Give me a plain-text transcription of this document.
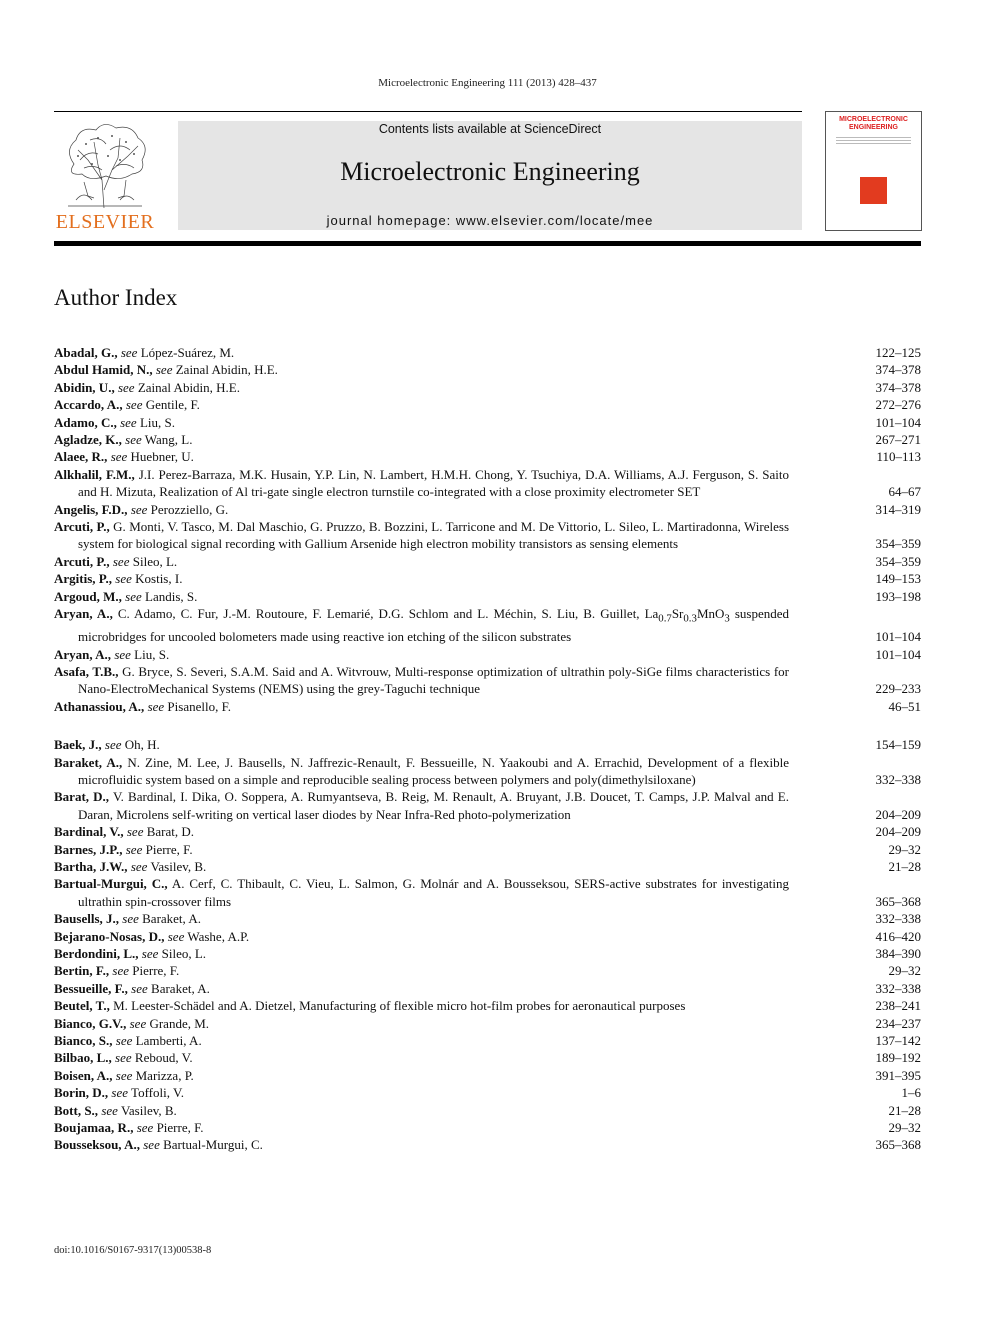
Microelectronic Engineering 111 (2013) 428–437
ELSEVIER
Contents lists available at ScienceDirect
Microelectronic Engineering
journal homepage: www.elsevier.com/locate/mee
MICROELECTRONIC ENGINEERING
Author Index
Abadal, G., see López-Suárez, M.	122–125
Abdul Hamid, N., see Zainal Abidin, H.E.	374–378
Abidin, U., see Zainal Abidin, H.E.	374–378
Accardo, A., see Gentile, F.	272–276
Adamo, C., see Liu, S.	101–104
Agladze, K., see Wang, L.	267–271
Alaee, R., see Huebner, U.	110–113
Alkhalil, F.M., J.I. Perez-Barraza, M.K. Husain, Y.P. Lin, N. Lambert, H.M.H. Chong, Y. Tsuchiya, D.A. Williams, A.J. Ferguson, S. Saito and H. Mizuta, Realization of Al tri-gate single electron turnstile co-integrated with a close proximity electrometer SET	64–67
Angelis, F.D., see Perozziello, G.	314–319
Arcuti, P., G. Monti, V. Tasco, M. Dal Maschio, G. Pruzzo, B. Bozzini, L. Tarricone and M. De Vittorio, L. Sileo, L. Martiradonna, Wireless system for biological signal recording with Gallium Arsenide high electron mobility transistors as sensing elements	354–359
Arcuti, P., see Sileo, L.	354–359
Argitis, P., see Kostis, I.	149–153
Argoud, M., see Landis, S.	193–198
Aryan, A., C. Adamo, C. Fur, J.-M. Routoure, F. Lemarié, D.G. Schlom and L. Méchin, S. Liu, B. Guillet, $La_{0.7}Sr_{0.3}MnO_3$ suspended microbridges for uncooled bolometers made using reactive ion etching of the silicon substrates	101–104
Aryan, A., see Liu, S.	101–104
Asafa, T.B., G. Bryce, S. Severi, S.A.M. Said and A. Witvrouw, Multi-response optimization of ultrathin poly-SiGe films characteristics for Nano-ElectroMechanical Systems (NEMS) using the grey-Taguchi technique	229–233
Athanassiou, A., see Pisanello, F.	46–51
Baek, J., see Oh, H.	154–159
Baraket, A., N. Zine, M. Lee, J. Bausells, N. Jaffrezic-Renault, F. Bessueille, N. Yaakoubi and A. Errachid, Development of a flexible microfluidic system based on a simple and reproducible sealing process between polymers and poly(dimethylsiloxane)	332–338
Barat, D., V. Bardinal, I. Dika, O. Soppera, A. Rumyantseva, B. Reig, M. Renault, A. Bruyant, J.B. Doucet, T. Camps, J.P. Malval and E. Daran, Microlens self-writing on vertical laser diodes by Near Infra-Red photo-polymerization	204–209
Bardinal, V., see Barat, D.	204–209
Barnes, J.P., see Pierre, F.	29–32
Bartha, J.W., see Vasilev, B.	21–28
Bartual-Murgui, C., A. Cerf, C. Thibault, C. Vieu, L. Salmon, G. Molnár and A. Bousseksou, SERS-active substrates for investigating ultrathin spin-crossover films	365–368
Bausells, J., see Baraket, A.	332–338
Bejarano-Nosas, D., see Washe, A.P.	416–420
Berdondini, L., see Sileo, L.	384–390
Bertin, F., see Pierre, F.	29–32
Bessueille, F., see Baraket, A.	332–338
Beutel, T., M. Leester-Schädel and A. Dietzel, Manufacturing of flexible micro hot-film probes for aeronautical purposes	238–241
Bianco, G.V., see Grande, M.	234–237
Bianco, S., see Lamberti, A.	137–142
Bilbao, L., see Reboud, V.	189–192
Boisen, A., see Marizza, P.	391–395
Borin, D., see Toffoli, V.	1–6
Bott, S., see Vasilev, B.	21–28
Boujamaa, R., see Pierre, F.	29–32
Bousseksou, A., see Bartual-Murgui, C.	365–368
doi:10.1016/S0167-9317(13)00538-8
